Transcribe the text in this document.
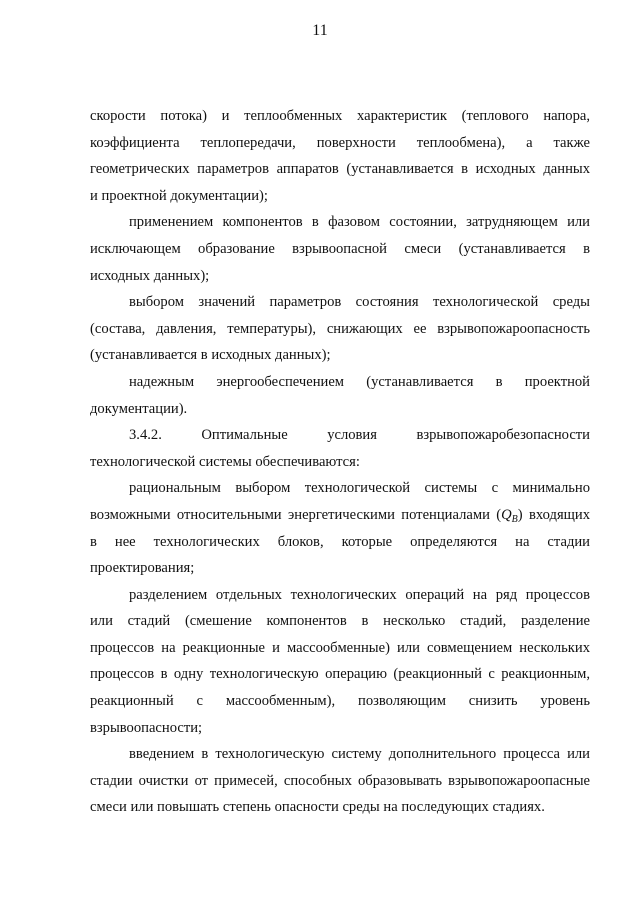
11
скорости потока) и теплообменных характеристик (теплового напора,
коэффициента теплопередачи, поверхности теплообмена), а также
геометрических параметров аппаратов (устанавливается в исходных данных
и проектной документации);
применением компонентов в фазовом состоянии, затрудняющем или
исключающем образование взрывоопасной смеси (устанавливается в
исходных данных);
выбором значений параметров состояния технологической среды
(состава, давления, температуры), снижающих ее взрывопожароопасность
(устанавливается в исходных данных);
надежным энергообеспечением (устанавливается в проектной
документации).
3.4.2. Оптимальные условия взрывопожаробезопасности
технологической системы обеспечиваются:
рациональным выбором технологической системы с минимально
возможными относительными энергетическими потенциалами $(Q_В)$ входящих
в нее технологических блоков, которые определяются на стадии
проектирования;
разделением отдельных технологических операций на ряд процессов
или стадий (смешение компонентов в несколько стадий, разделение
процессов на реакционные и массообменные) или совмещением нескольких
процессов в одну технологическую операцию (реакционный с реакционным,
реакционный с массообменным), позволяющим снизить уровень
взрывоопасности;
введением в технологическую систему дополнительного процесса или
стадии очистки от примесей, способных образовывать взрывопожароопасные
смеси или повышать степень опасности среды на последующих стадиях.
